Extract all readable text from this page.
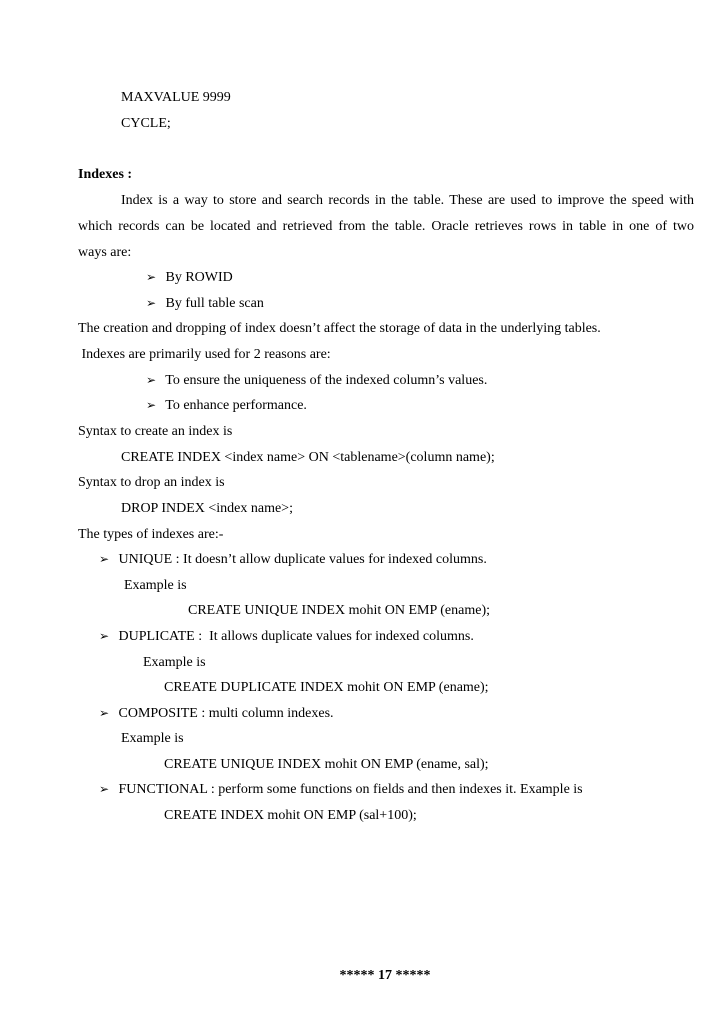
MAXVALUE 9999
CYCLE;
Indexes :
Index is a way to store and search records in the table. These are used to improve the speed with
which records can be located and retrieved from the table. Oracle retrieves rows in table in one of two
ways are:
➢ By ROWID
➢ By full table scan
The creation and dropping of index doesn’t affect the storage of data in the underlying tables.
Indexes are primarily used for 2 reasons are:
➢ To ensure the uniqueness of the indexed column’s values.
➢ To enhance performance.
Syntax to create an index is
CREATE INDEX <index name> ON <tablename>(column name);
Syntax to drop an index is
DROP INDEX <index name>;
The types of indexes are:-
➢ UNIQUE : It doesn’t allow duplicate values for indexed columns.
Example is
CREATE UNIQUE INDEX mohit ON EMP (ename);
➢ DUPLICATE :  It allows duplicate values for indexed columns.
Example is
CREATE DUPLICATE INDEX mohit ON EMP (ename);
➢ COMPOSITE : multi column indexes.
Example is
CREATE UNIQUE INDEX mohit ON EMP (ename, sal);
➢ FUNCTIONAL : perform some functions on fields and then indexes it. Example is
CREATE INDEX mohit ON EMP (sal+100);
***** 17 *****
